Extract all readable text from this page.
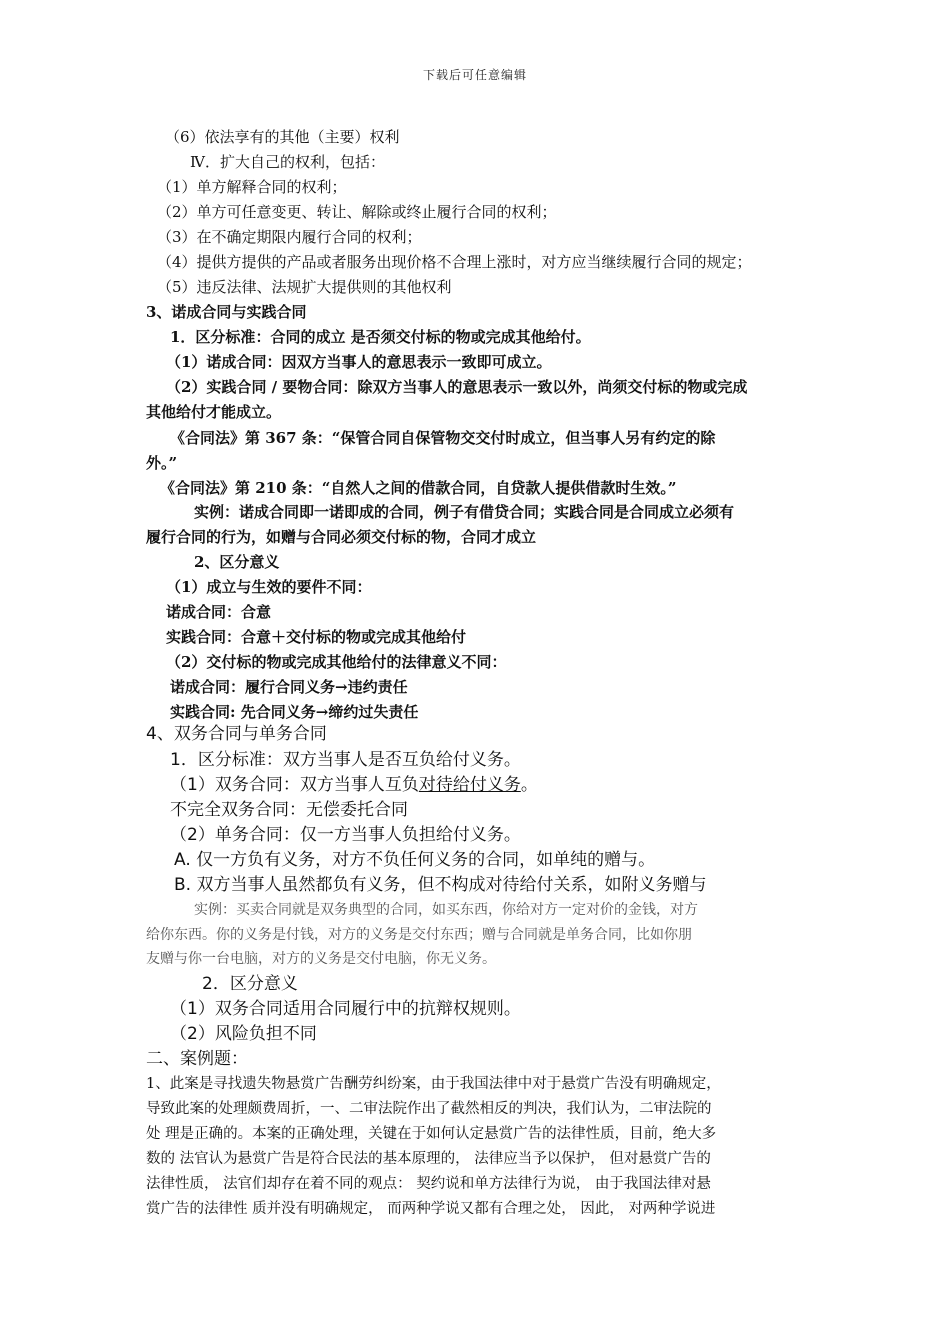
下载后可任意编辑
（6）依法享有的其他（主要）权利
Ⅳ．扩大自己的权利，包括：
（1）单方解释合同的权利；
（2）单方可任意变更、转让、解除或终止履行合同的权利；
（3）在不确定期限内履行合同的权利；
（4）提供方提供的产品或者服务出现价格不合理上涨时，对方应当继续履行合同的规定；
（5）违反法律、法规扩大提供则的其他权利
3、诺成合同与实践合同
1．区分标准：合同的成立 是否须交付标的物或完成其他给付。
（1）诺成合同：因双方当事人的意思表示一致即可成立。
（2）实践合同 / 要物合同：除双方当事人的意思表示一致以外，尚须交付标的物或完成
其他给付才能成立。
《合同法》第 367 条：“保管合同自保管物交交付时成立，但当事人另有约定的除
外。”
《合同法》第 210 条：“自然人之间的借款合同，自贷款人提供借款时生效。”
实例：诺成合同即一诺即成的合同，例子有借贷合同；实践合同是合同成立必须有
履行合同的行为，如赠与合同必须交付标的物，合同才成立
2、区分意义
（1）成立与生效的要件不同：
诺成合同：合意
实践合同：合意＋交付标的物或完成其他给付
（2）交付标的物或完成其他给付的法律意义不同：
诺成合同：履行合同义务→违约责任
实践合同: 先合同义务→缔约过失责任
4、双务合同与单务合同
1．区分标准：双方当事人是否互负给付义务。
（1）双务合同：双方当事人互负对待给付义务。
不完全双务合同：无偿委托合同
（2）单务合同：仅一方当事人负担给付义务。
A. 仅一方负有义务，对方不负任何义务的合同，如单纯的赠与。
B. 双方当事人虽然都负有义务，但不构成对待给付关系，如附义务赠与
实例：买卖合同就是双务典型的合同，如买东西，你给对方一定对价的金钱，对方
给你东西。你的义务是付钱，对方的义务是交付东西；赠与合同就是单务合同，比如你朋
友赠与你一台电脑，对方的义务是交付电脑，你无义务。
2．区分意义
（1）双务合同适用合同履行中的抗辩权规则。
（2）风险负担不同
二、案例题：
1、此案是寻找遗失物悬赏广告酬劳纠纷案，由于我国法律中对于悬赏广告没有明确规定，
导致此案的处理颇费周折，一、二审法院作出了截然相反的判决，我们认为，二审法院的
处 理是正确的。本案的正确处理，关键在于如何认定悬赏广告的法律性质，目前，绝大多
数的 法官认为悬赏广告是符合民法的基本原理的， 法律应当予以保护， 但对悬赏广告的
法律性质， 法官们却存在着不同的观点： 契约说和单方法律行为说， 由于我国法律对悬
赏广告的法律性 质并没有明确规定， 而两种学说又都有合理之处， 因此， 对两种学说进
